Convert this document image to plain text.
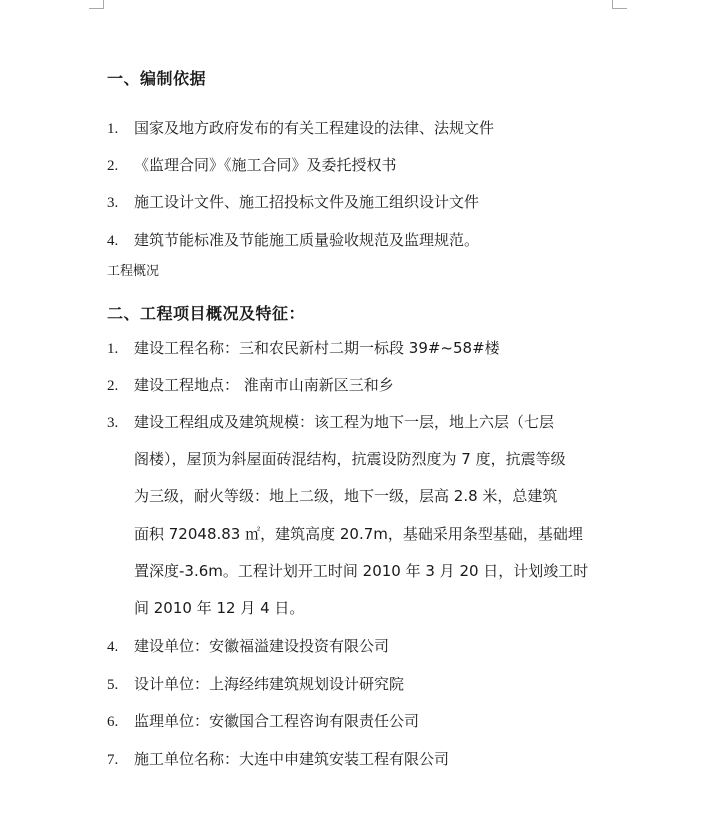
一、编制依据
1. 国家及地方政府发布的有关工程建设的法律、法规文件
2. 《监理合同》《施工合同》及委托授权书
3. 施工设计文件、施工招投标文件及施工组织设计文件
4. 建筑节能标准及节能施工质量验收规范及监理规范。
工程概况
二、工程项目概况及特征：
1. 建设工程名称：三和农民新村二期一标段 39#~58#楼
2. 建设工程地点： 淮南市山南新区三和乡
3. 建设工程组成及建筑规模：该工程为地下一层，地上六层（七层
阁楼），屋顶为斜屋面砖混结构，抗震设防烈度为 7 度，抗震等级
为三级，耐火等级：地上二级，地下一级，层高 2.8 米，总建筑
面积 72048.83 ㎡，建筑高度 20.7m，基础采用条型基础，基础埋
置深度-3.6m。工程计划开工时间 2010 年 3 月 20 日，计划竣工时
间 2010 年 12 月 4 日。
4. 建设单位：安徽福溢建设投资有限公司
5. 设计单位：上海经纬建筑规划设计研究院
6. 监理单位：安徽国合工程咨询有限责任公司
7. 施工单位名称：大连中申建筑安装工程有限公司
